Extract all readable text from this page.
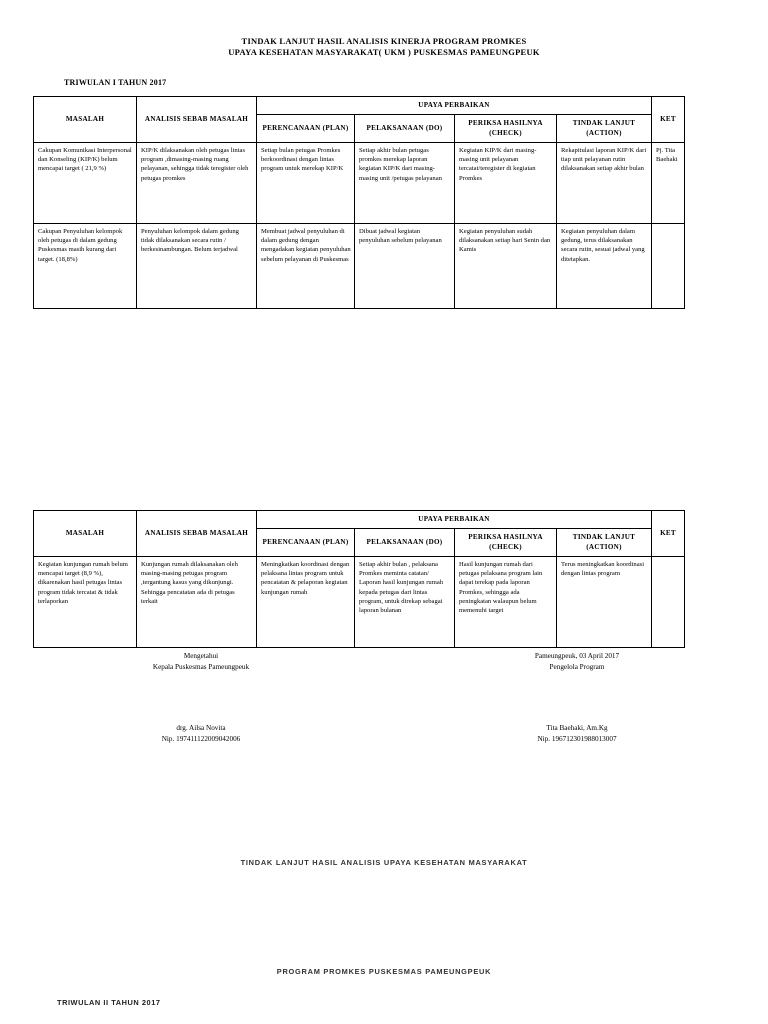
TINDAK LANJUT HASIL ANALISIS KINERJA PROGRAM PROMKES
UPAYA KESEHATAN MASYARAKAT( UKM ) PUSKESMAS PAMEUNGPEUK
TRIWULAN I TAHUN 2017
MASALAH	ANALISIS SEBAB MASALAH	UPAYA PERBAIKAN				KET
		PERENCANAAN (PLAN)	PELAKSANAAN (DO)	PERIKSA HASILNYA (CHECK)	TINDAK LANJUT (ACTION)	
Cakupan Komunikasi Interpersonal dan Konseling (KIP/K) belum mencapai target ( 21,9 %)	KIP/K dilaksanakan oleh petugas lintas program ,dimasing-masing ruang pelayanan, sehingga tidak teregister oleh petugas promkes	Setiap bulan petugas Promkes berkoordinasi dengan lintas program untuk merekap KIP/K	Setiap akhir bulan petugas promkes merekap laporan kegiatan KIP/K dari masing-masing unit /petugas pelayanan	Kegiatan KIP/K dari masing-masing unit pelayanan tercatat/teregister di kegiatan Promkes	Rekapitulasi laporan KIP/K dari tiap unit pelayanan rutin dilaksanakan setiap akhir bulan	Pj. Tita Baehaki
Cakupan Penyuluhan kelompok oleh petugas di dalam gedung Puskesmas masih kurang dari target. (18,8%)	Penyuluhan kelompok dalam gedung tidak dilaksanakan secara rutin / berkesinambungan. Belum terjadwal	Membuat jadwal penyuluhan di dalam gedung dengan mengadakan kegiatan penyuluhan sebelum pelayanan di Puskesmas	Dibuat jadwal kegiatan penyuluhan sebelum pelayanan	Kegiatan penyuluhan sudah dilaksanakan setiap hari Senin dan Kamis	Kegiatan penyuluhan dalam gedung, terus dilaksanakan secara rutin, sesuai jadwal yang ditetapkan.	
MASALAH	ANALISIS SEBAB MASALAH	UPAYA PERBAIKAN				KET
		PERENCANAAN (PLAN)	PELAKSANAAN (DO)	PERIKSA HASILNYA (CHECK)	TINDAK LANJUT (ACTION)	
Kegiatan kunjungan rumah belum mencapai target (8,9 %), dikarenakan hasil petugas lintas program tidak tercatat & tidak terlaporkan	Kunjungan rumah dilaksanakan oleh masing-masing petugas program ,tergantung kasus yang dikunjungi. Sehingga pencatatan ada di petugas terkait	Meningkatkan koordinasi dengan pelaksana lintas program untuk pencatatan & pelaporan kegiatan kunjungan rumah	Setiap akhir bulan , pelaksana Promkes meminta catatan/ Laporan hasil kunjungan rumah kepada petugas dari lintas program, untuk direkap sebagai laporan bulanan	Hasil kunjungan rumah dari petugas pelaksana program lain dapat terekap pada laporan Promkes, sehingga ada peningkatan walaupun belum memenuhi target	Terus meningkatkan koordinasi dengan lintas program	
Mengetahui
Kepala Puskesmas Pameungpeuk
Pameungpeuk, 03 April 2017
Pengelola Program
drg. Ailsa Novita
Nip. 197411122009042006
Tita Baehaki, Am.Kg
Nip. 196712301988013007
TINDAK LANJUT HASIL ANALISIS UPAYA KESEHATAN MASYARAKAT
PROGRAM PROMKES PUSKESMAS PAMEUNGPEUK
TRIWULAN II TAHUN 2017
